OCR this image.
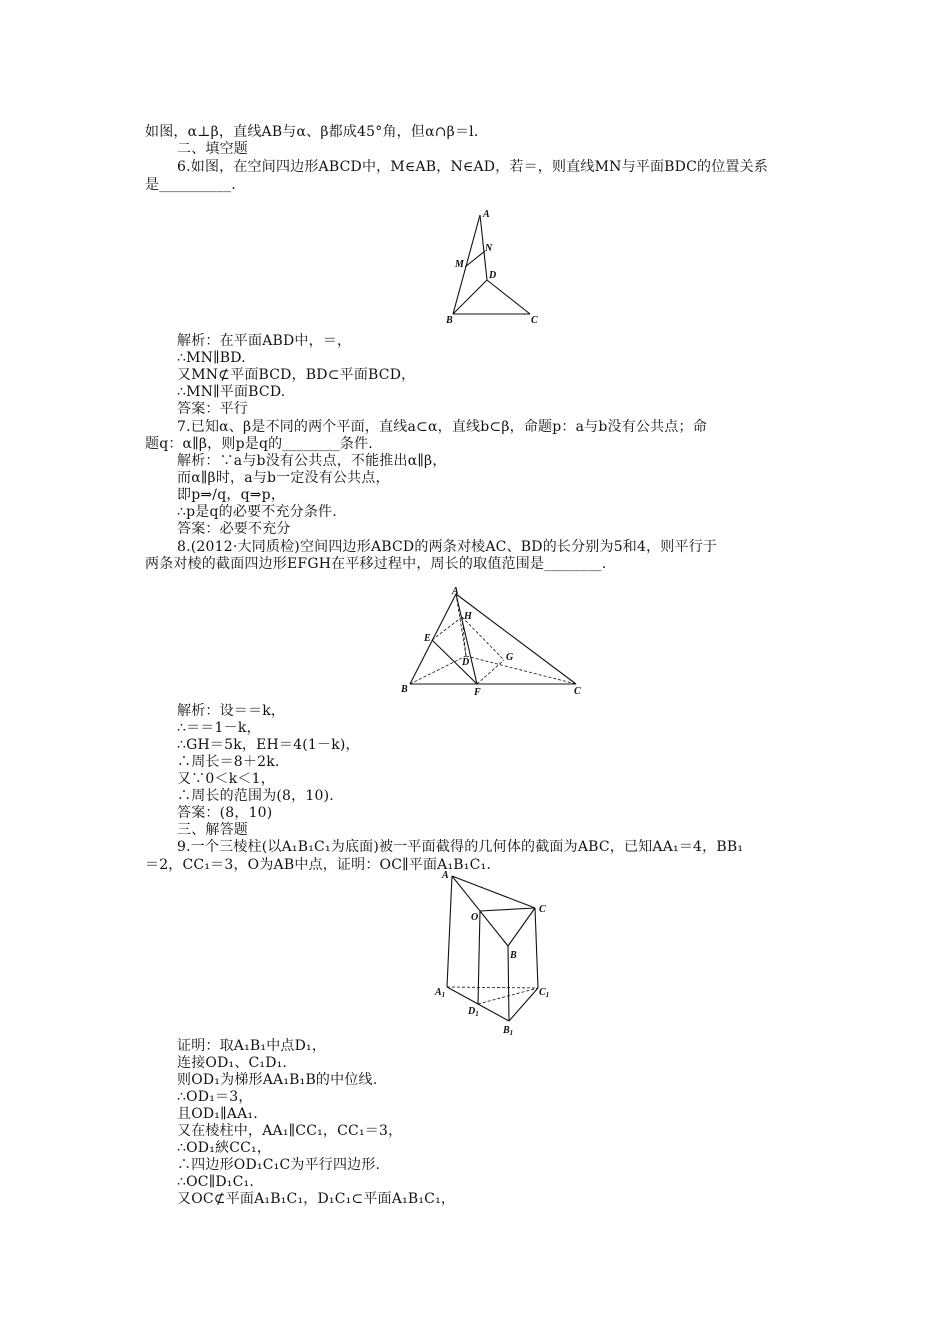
如图，α⊥β，直线AB与α、β都成45°角，但α∩β＝l.
二、填空题
6.如图，在空间四边形ABCD中，M∈AB，N∈AD，若＝，则直线MN与平面BDC的位置关系
是__________.
A
N
M
D
B	C
解析：在平面ABD中，＝，
∴MN∥BD.
又MN⊄平面BCD，BD⊂平面BCD，
∴MN∥平面BCD.
答案：平行
7.已知α、β是不同的两个平面，直线a⊂α，直线b⊂β，命题p：a与b没有公共点；命
题q：α∥β，则p是q的________条件.
解析：∵a与b没有公共点，不能推出α∥β，
而α∥β时，a与b一定没有公共点，
即p⇒/q，q⇒p，
∴p是q的必要不充分条件.
答案：必要不充分
8.(2012·大同质检)空间四边形ABCD的两条对棱AC、BD的长分别为5和4，则平行于
两条对棱的截面四边形EFGH在平移过程中，周长的取值范围是________.
A
H
E
D	G
B	F	C
解析：设＝＝k，
∴＝＝1－k，
∴GH＝5k，EH＝4(1－k)，
∴周长＝8＋2k.
又∵0＜k＜1，
∴周长的范围为(8，10).
答案：(8，10)
三、解答题
9.一个三棱柱(以A₁B₁C₁为底面)被一平面截得的几何体的截面为ABC，已知AA₁＝4，BB₁
＝2，CC₁＝3，O为AB中点，证明：OC∥平面A₁B₁C₁.
A
O
C
B
$A_1$	$C_1$
$D_1$
$B_1$
证明：取A₁B₁中点D₁，
连接OD₁、C₁D₁.
则OD₁为梯形AA₁B₁B的中位线.
∴OD₁＝3，
且OD₁∥AA₁.
又在棱柱中，AA₁∥CC₁，CC₁＝3，
∴OD₁綊CC₁，
∴四边形OD₁C₁C为平行四边形.
∴OC∥D₁C₁.
又OC⊄平面A₁B₁C₁，D₁C₁⊂平面A₁B₁C₁，
